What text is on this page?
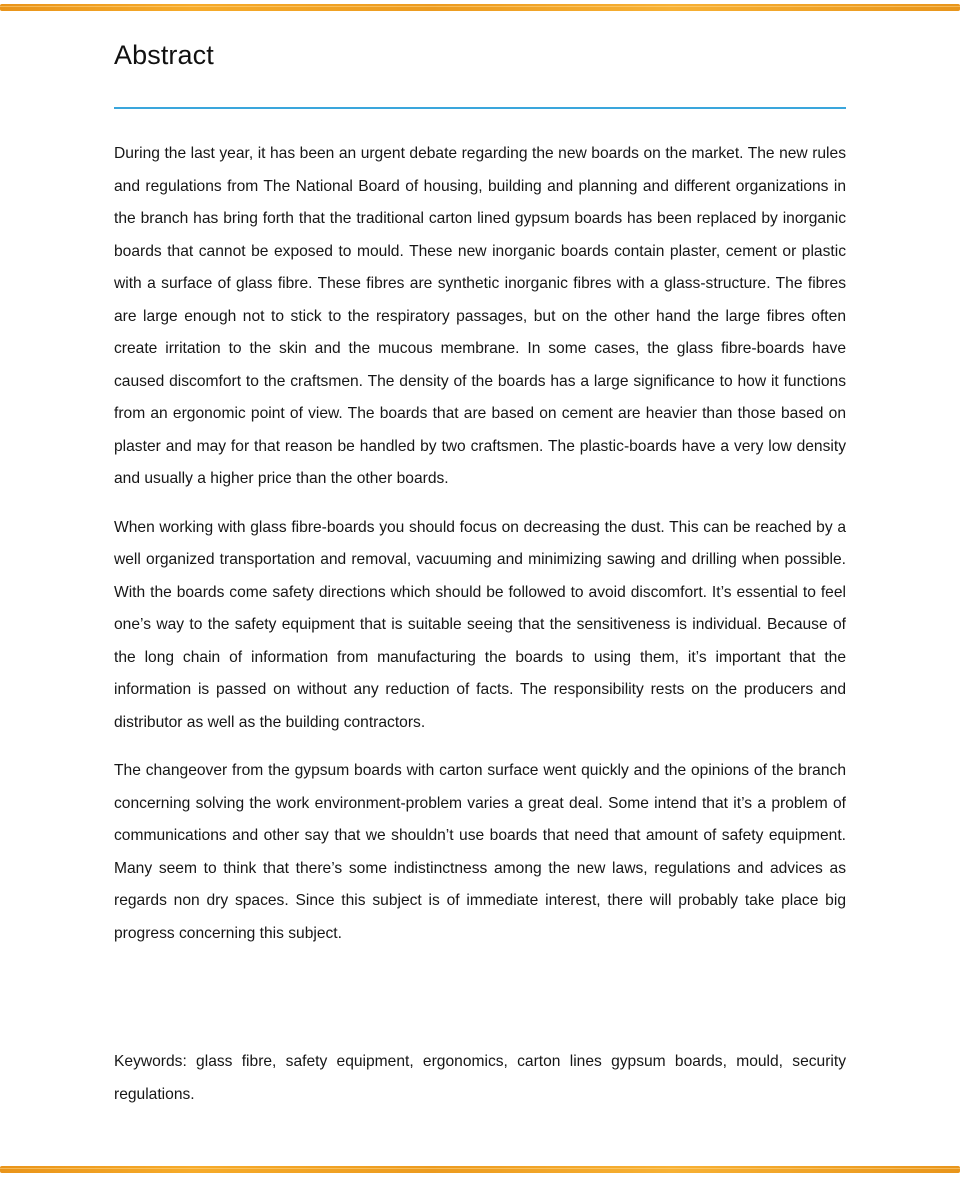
Abstract

During the last year, it has been an urgent debate regarding the new boards on the market. The new rules and regulations from The National Board of housing, building and planning and different organizations in the branch has bring forth that the traditional carton lined gypsum boards has been replaced by inorganic boards that cannot be exposed to mould. These new inorganic boards contain plaster, cement or plastic with a surface of glass fibre. These fibres are synthetic inorganic fibres with a glass-structure. The fibres are large enough not to stick to the respiratory passages, but on the other hand the large fibres often create irritation to the skin and the mucous membrane. In some cases, the glass fibre-boards have caused discomfort to the craftsmen. The density of the boards has a large significance to how it functions from an ergonomic point of view. The boards that are based on cement are heavier than those based on plaster and may for that reason be handled by two craftsmen. The plastic-boards have a very low density and usually a higher price than the other boards.

When working with glass fibre-boards you should focus on decreasing the dust. This can be reached by a well organized transportation and removal, vacuuming and minimizing sawing and drilling when possible. With the boards come safety directions which should be followed to avoid discomfort. It’s essential to feel one’s way to the safety equipment that is suitable seeing that the sensitiveness is individual. Because of the long chain of information from manufacturing the boards to using them, it’s important that the information is passed on without any reduction of facts. The responsibility rests on the producers and distributor as well as the building contractors.

The changeover from the gypsum boards with carton surface went quickly and the opinions of the branch concerning solving the work environment-problem varies a great deal. Some intend that it’s a problem of communications and other say that we shouldn’t use boards that need that amount of safety equipment. Many seem to think that there’s some indistinctness among the new laws, regulations and advices as regards non dry spaces. Since this subject is of immediate interest, there will probably take place big progress concerning this subject.

Keywords: glass fibre, safety equipment, ergonomics, carton lines gypsum boards, mould, security regulations.
